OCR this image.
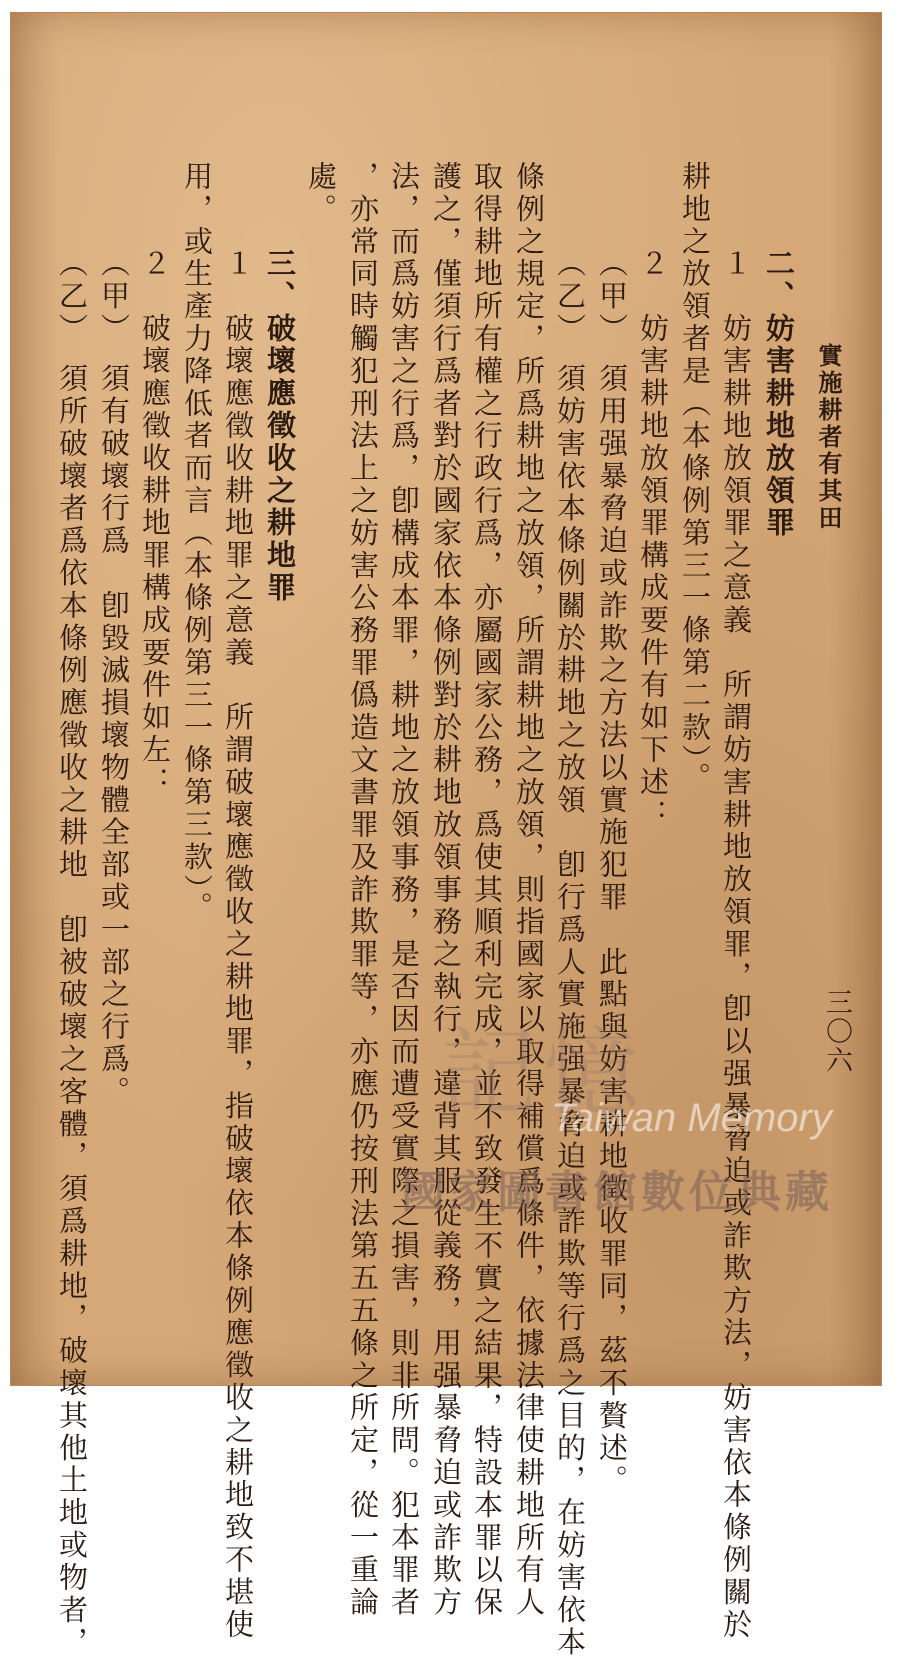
實施耕者有其田
三〇六
二、妨害耕地放領罪
１　妨害耕地放領罪之意義　所謂妨害耕地放領罪，卽以强暴脅迫或詐欺方法，妨害依本條例關於
耕地之放領者是（本條例第三一條第二款）。
２　妨害耕地放領罪構成要件有如下述：
（甲）　須用强暴脅迫或詐欺之方法以實施犯罪　此點與妨害耕地徵收罪同，茲不贅述。
（乙）　須妨害依本條例關於耕地之放領　卽行爲人實施强暴脅迫或詐欺等行爲之目的，在妨害依本
條例之規定，所爲耕地之放領，所謂耕地之放領，則指國家以取得補償爲條件，依據法律使耕地所有人
取得耕地所有權之行政行爲，亦屬國家公務，爲使其順利完成，並不致發生不實之結果，特設本罪以保
護之，僅須行爲者對於國家依本條例對於耕地放領事務之執行，違背其服從義務，用强暴脅迫或詐欺方
法，而爲妨害之行爲，卽構成本罪，耕地之放領事務，是否因而遭受實際之損害，則非所問。犯本罪者
，亦常同時觸犯刑法上之妨害公務罪僞造文書罪及詐欺罪等，亦應仍按刑法第五五條之所定，從一重論
處。
三、破壞應徵收之耕地罪
１　破壞應徵收耕地罪之意義　所謂破壞應徵收之耕地罪，指破壞依本條例應徵收之耕地致不堪使
用，或生產力降低者而言（本條例第三一條第三款）。
２　破壞應徵收耕地罪構成要件如左：
（甲）　須有破壞行爲　卽毀滅損壞物體全部或一部之行爲。
（乙）　須所破壞者爲依本條例應徵收之耕地　卽被破壞之客體，須爲耕地，破壞其他土地或物者，	記憶
Taiwan Memory
國家圖書館數位典藏
